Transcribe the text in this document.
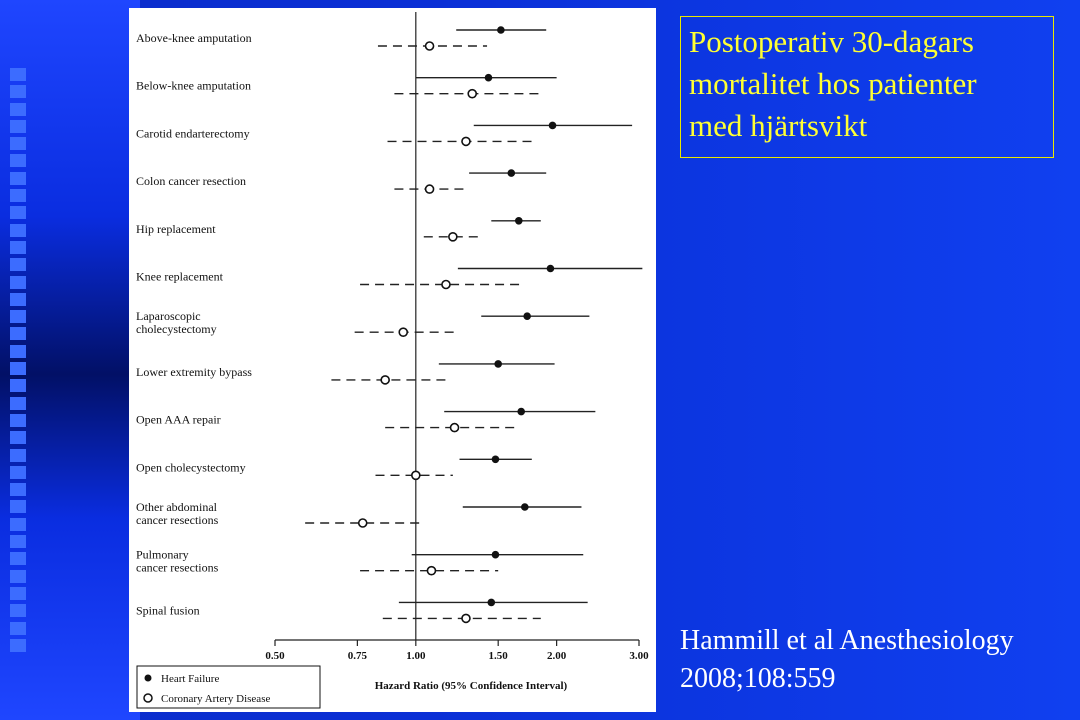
Postoperativ 30-dagars
mortalitet hos patienter
med hjärtsvikt
Hammill et al Anesthesiology
2008;108:559
Above-knee amputation
Below-knee amputation
Carotid endarterectomy
Colon cancer resection
Hip replacement
Knee replacement
Laparoscopic
cholecystectomy
Lower extremity bypass
Open AAA repair
Open cholecystectomy
Other abdominal
cancer resections
Pulmonary
cancer resections
Spinal fusion
0.50	0.75	1.00	1.50	2.00	3.00
Hazard Ratio (95% Confidence Interval)
Heart Failure
Coronary Artery Disease
